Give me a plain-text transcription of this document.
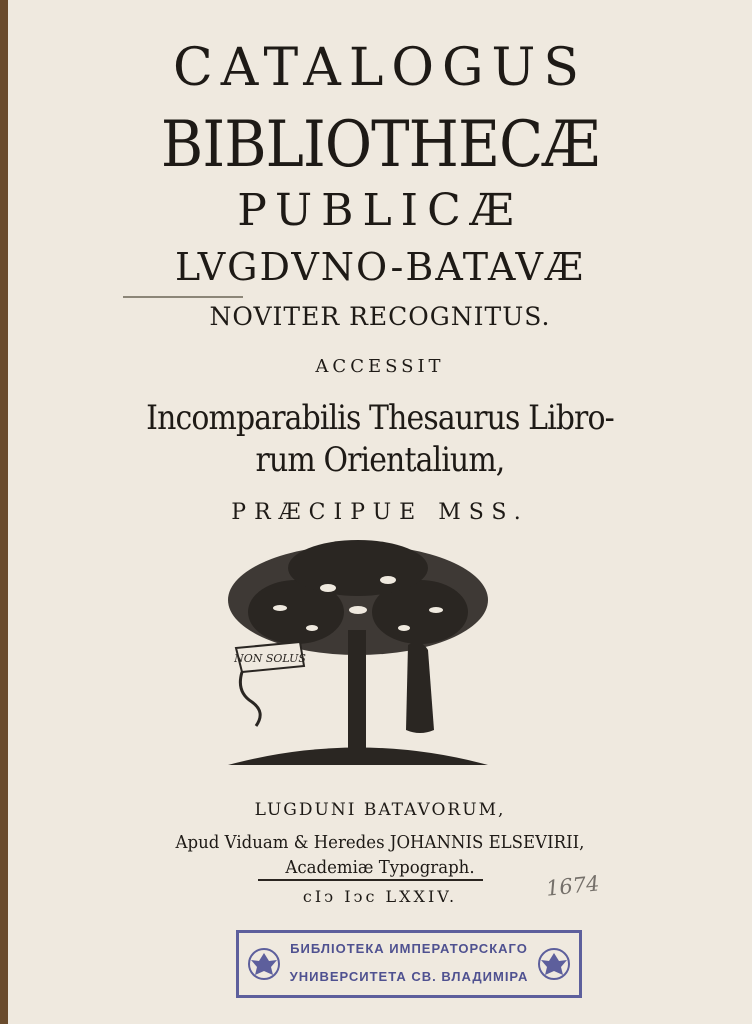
CATALOGUS
BIBLIOTHECÆ
PUBLICÆ
LVGDVNO-BATAVÆ
NOVITER RECOGNITUS.
ACCESSIT
Incomparabilis Thesaurus Libro-
rum Orientalium,
PRÆCIPUE MSS.
NON SOLUS
LUGDUNI BATAVORUM,
Apud Viduam & Heredes JOHANNIS ELSEVIRII,
Academiæ Typograph.
cIↄ Iↄc LXXIV.	1674
БИБЛІОТЕКА ИМПЕРАТОРСКАГО
УНИВЕРСИТЕТА СВ. ВЛАДИМІРА
